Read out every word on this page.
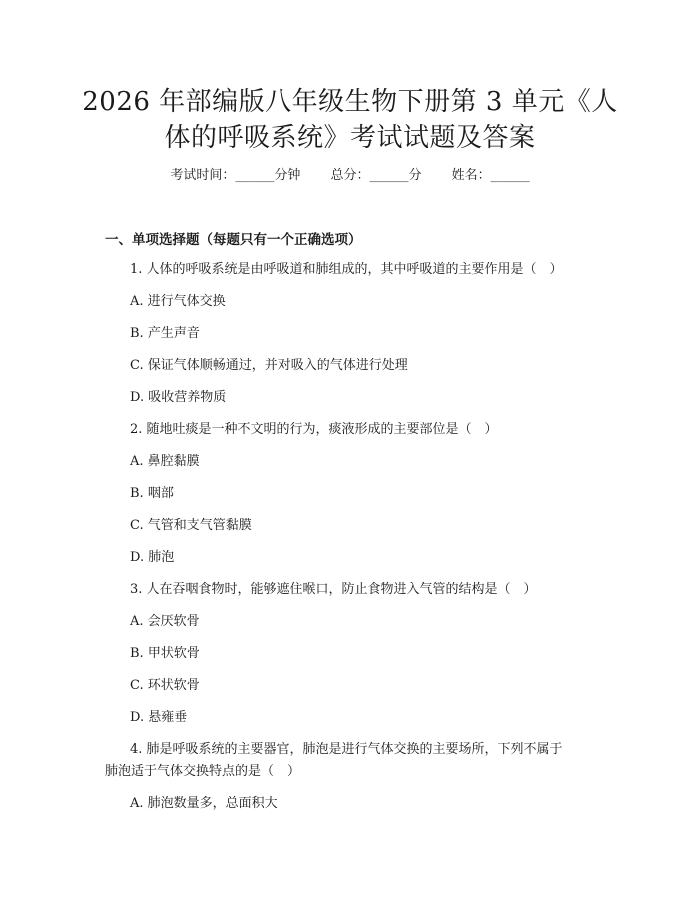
2026 年部编版八年级生物下册第 3 单元《人
体的呼吸系统》考试试题及答案
考试时间：______分钟 总分：______分 姓名：______
一、单项选择题（每题只有一个正确选项）
1. 人体的呼吸系统是由呼吸道和肺组成的，其中呼吸道的主要作用是（　）
A. 进行气体交换
B. 产生声音
C. 保证气体顺畅通过，并对吸入的气体进行处理
D. 吸收营养物质
2. 随地吐痰是一种不文明的行为，痰液形成的主要部位是（　）
A. 鼻腔黏膜
B. 咽部
C. 气管和支气管黏膜
D. 肺泡
3. 人在吞咽食物时，能够遮住喉口，防止食物进入气管的结构是（　）
A. 会厌软骨
B. 甲状软骨
C. 环状软骨
D. 悬雍垂
4. 肺是呼吸系统的主要器官，肺泡是进行气体交换的主要场所，下列不属于
肺泡适于气体交换特点的是（　）
A. 肺泡数量多，总面积大
